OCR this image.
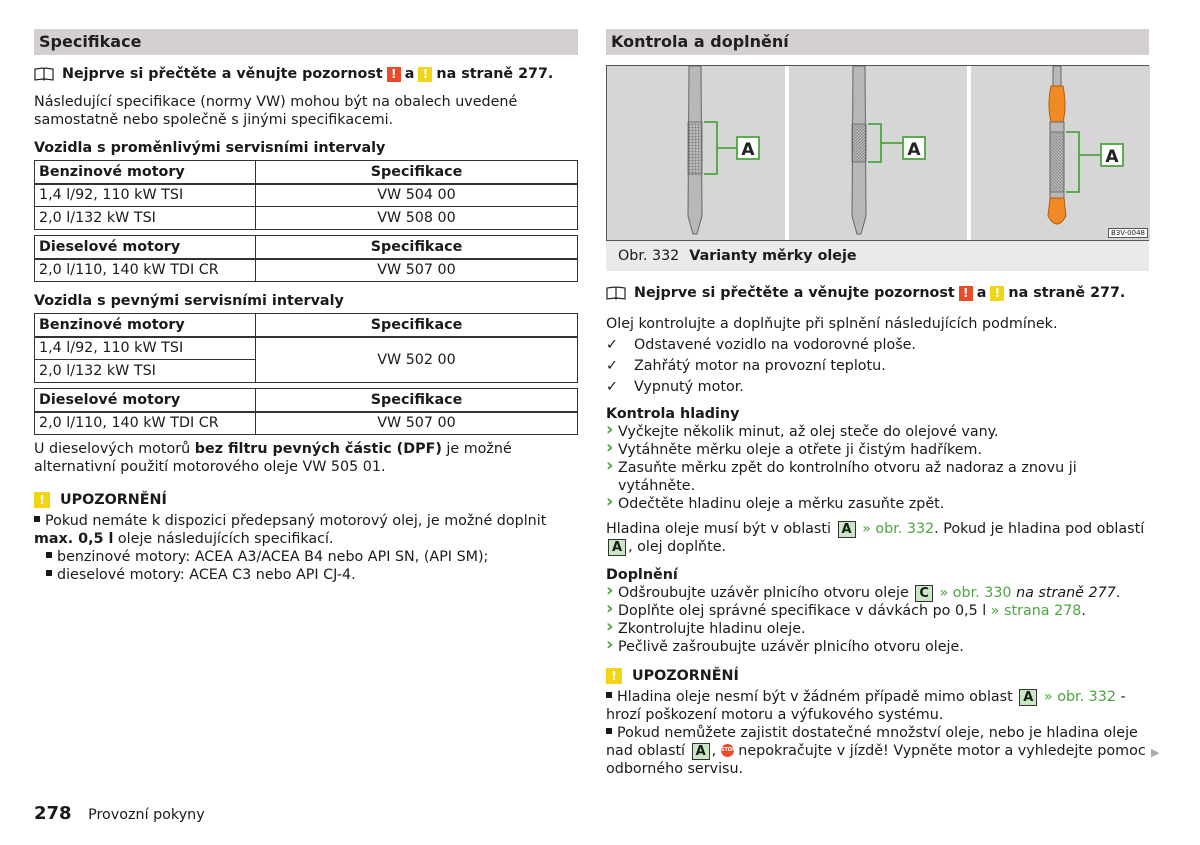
Specifikace
Nejprve si přečtěte a věnujte pozornost ! a ! na straně 277.

Následující specifikace (normy VW) mohou být na obalech uvedené samostatně nebo společně s jinými specifikacemi.

Vozidla s proměnlivými servisními intervaly
Benzinové motory	Specifikace
1,4 l/92, 110 kW TSI	VW 504 00
2,0 l/132 kW TSI	VW 508 00
Dieselové motory	Specifikace
2,0 l/110, 140 kW TDI CR	VW 507 00
Vozidla s pevnými servisními intervaly
Benzinové motory	Specifikace
1,4 l/92, 110 kW TSI	VW 502 00
2,0 l/132 kW TSI	
Dieselové motory	Specifikace
2,0 l/110, 140 kW TDI CR	VW 507 00

U dieselových motorů bez filtru pevných částic (DPF) je možné alternativní použití motorového oleje VW 505 01.

!	UPOZORNĚNÍ
Pokud nemáte k dispozici předepsaný motorový olej, je možné doplnit max. 0,5 l oleje následujících specifikací.
benzinové motory: ACEA A3/ACEA B4 nebo API SN, (API SM);
dieselové motory: ACEA C3 nebo API CJ-4.
Kontrola a doplnění
A	A	A
B3V-0048
Obr. 332 Varianty měrky oleje
Nejprve si přečtěte a věnujte pozornost ! a ! na straně 277.

Olej kontrolujte a doplňujte při splnění následujících podmínek.

✓ Odstavené vozidlo na vodorovné ploše.
✓ Zahřátý motor na provozní teplotu.
✓ Vypnutý motor.
Kontrola hladiny
› Vyčkejte několik minut, až olej steče do olejové vany.
› Vytáhněte měrku oleje a otřete ji čistým hadříkem.
› Zasuňte měrku zpět do kontrolního otvoru až nadoraz a znovu ji vytáhněte.
› Odečtěte hladinu oleje a měrku zasuňte zpět.

Hladina oleje musí být v oblasti A » obr. 332. Pokud je hladina pod oblastí A , olej doplňte.

Doplnění
› Odšroubujte uzávěr plnicího otvoru oleje C » obr. 330 na straně 277.
› Doplňte olej správné specifikace v dávkách po 0,5 l » strana 278.
› Zkontrolujte hladinu oleje.
› Pečlivě zašroubujte uzávěr plnicího otvoru oleje.
!	UPOZORNĚNÍ
Hladina oleje nesmí být v žádném případě mimo oblast A » obr. 332 - hrozí poškození motoru a výfukového systému.
Pokud nemůžete zajistit dostatečné množství oleje, nebo je hladina oleje nad oblastí A , STOP nepokračujte v jízdě! Vypněte motor a vyhledejte pomoc odborného servisu.
▶
278 Provozní pokyny
